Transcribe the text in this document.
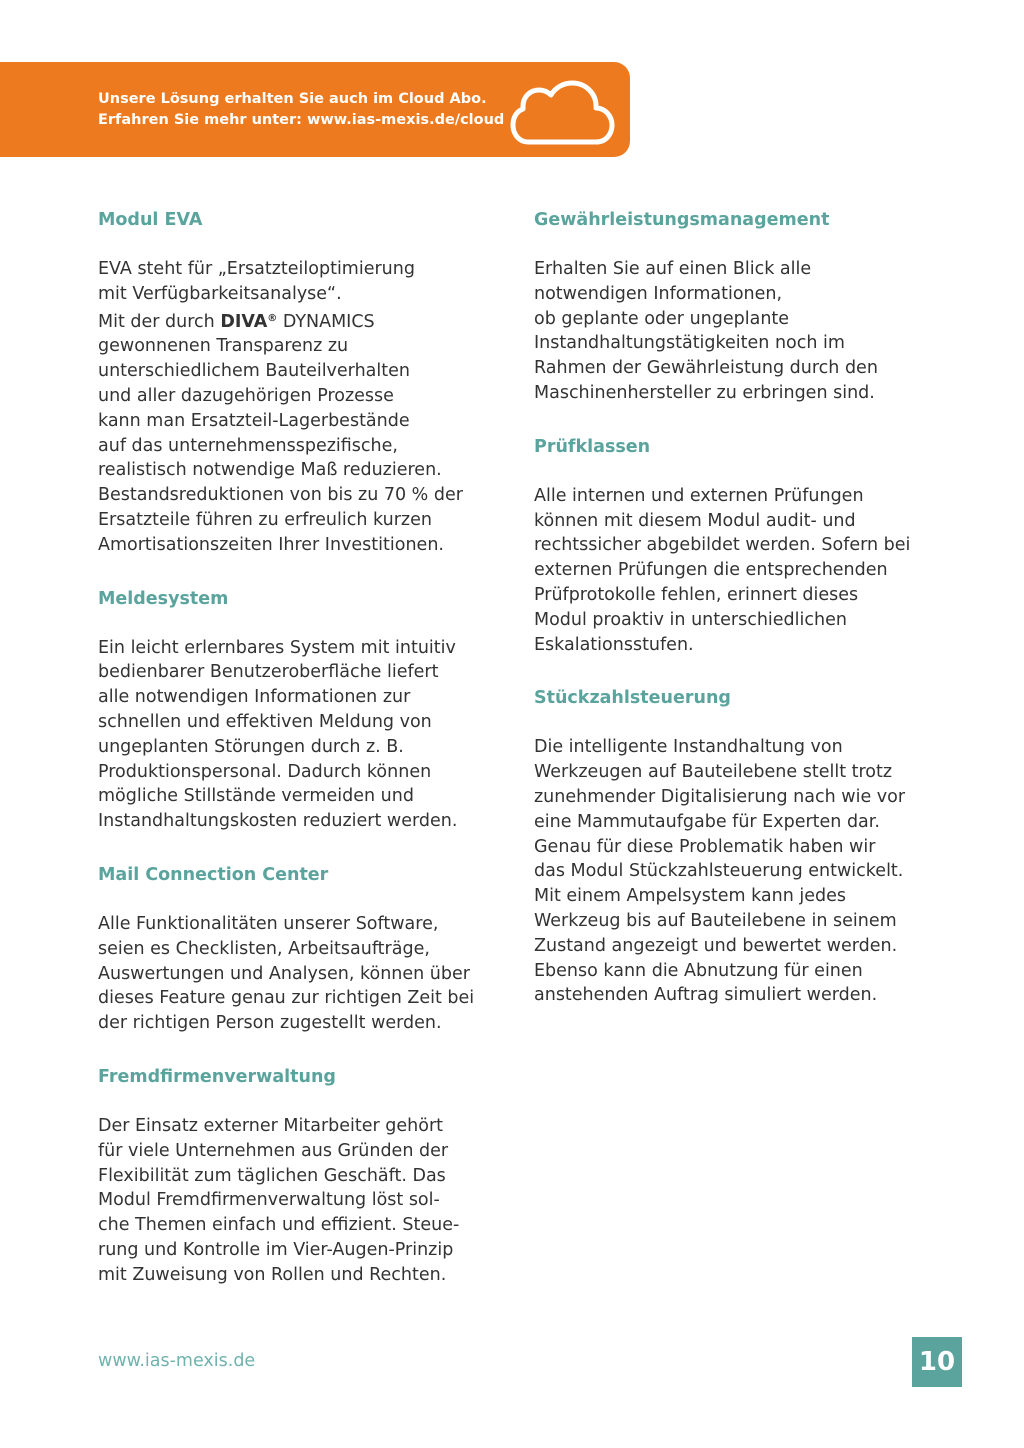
Unsere Lösung erhalten Sie auch im Cloud Abo.
Erfahren Sie mehr unter: www.ias-mexis.de/cloud
Modul EVA
EVA steht für „Ersatzteiloptimierung
mit Verfügbarkeitsanalyse“.
Mit der durch DIVA® DYNAMICS
gewonnenen Transparenz zu
unterschiedlichem Bauteilverhalten
und aller dazugehörigen Prozesse
kann man Ersatzteil-Lagerbestände
auf das unternehmensspezifische,
realistisch notwendige Maß reduzieren.
Bestandsreduktionen von bis zu 70 % der
Ersatzteile führen zu erfreulich kurzen
Amortisationszeiten Ihrer Investitionen.
Meldesystem
Ein leicht erlernbares System mit intuitiv
bedienbarer Benutzeroberfläche liefert
alle notwendigen Informationen zur
schnellen und effektiven Meldung von
ungeplanten Störungen durch z. B.
Produktionspersonal. Dadurch können
mögliche Stillstände vermeiden und
Instandhaltungskosten reduziert werden.
Mail Connection Center
Alle Funktionalitäten unserer Software,
seien es Checklisten, Arbeitsaufträge,
Auswertungen und Analysen, können über
dieses Feature genau zur richtigen Zeit bei
der richtigen Person zugestellt werden.
Fremdfirmenverwaltung
Der Einsatz externer Mitarbeiter gehört
für viele Unternehmen aus Gründen der
Flexibilität zum täglichen Geschäft. Das
Modul Fremdfirmenverwaltung löst sol-
che Themen einfach und effizient. Steue-
rung und Kontrolle im Vier-Augen-Prinzip
mit Zuweisung von Rollen und Rechten.
Gewährleistungsmanagement
Erhalten Sie auf einen Blick alle
notwendigen Informationen,
ob geplante oder ungeplante
Instandhaltungstätigkeiten noch im
Rahmen der Gewährleistung durch den
Maschinenhersteller zu erbringen sind.
Prüfklassen
Alle internen und externen Prüfungen
können mit diesem Modul audit- und
rechtssicher abgebildet werden. Sofern bei
externen Prüfungen die entsprechenden
Prüfprotokolle fehlen, erinnert dieses
Modul proaktiv in unterschiedlichen
Eskalationsstufen.
Stückzahlsteuerung
Die intelligente Instandhaltung von
Werkzeugen auf Bauteilebene stellt trotz
zunehmender Digitalisierung nach wie vor
eine Mammutaufgabe für Experten dar.
Genau für diese Problematik haben wir
das Modul Stückzahlsteuerung entwickelt.
Mit einem Ampelsystem kann jedes
Werkzeug bis auf Bauteilebene in seinem
Zustand angezeigt und bewertet werden.
Ebenso kann die Abnutzung für einen
anstehenden Auftrag simuliert werden.
www.ias-mexis.de	10
